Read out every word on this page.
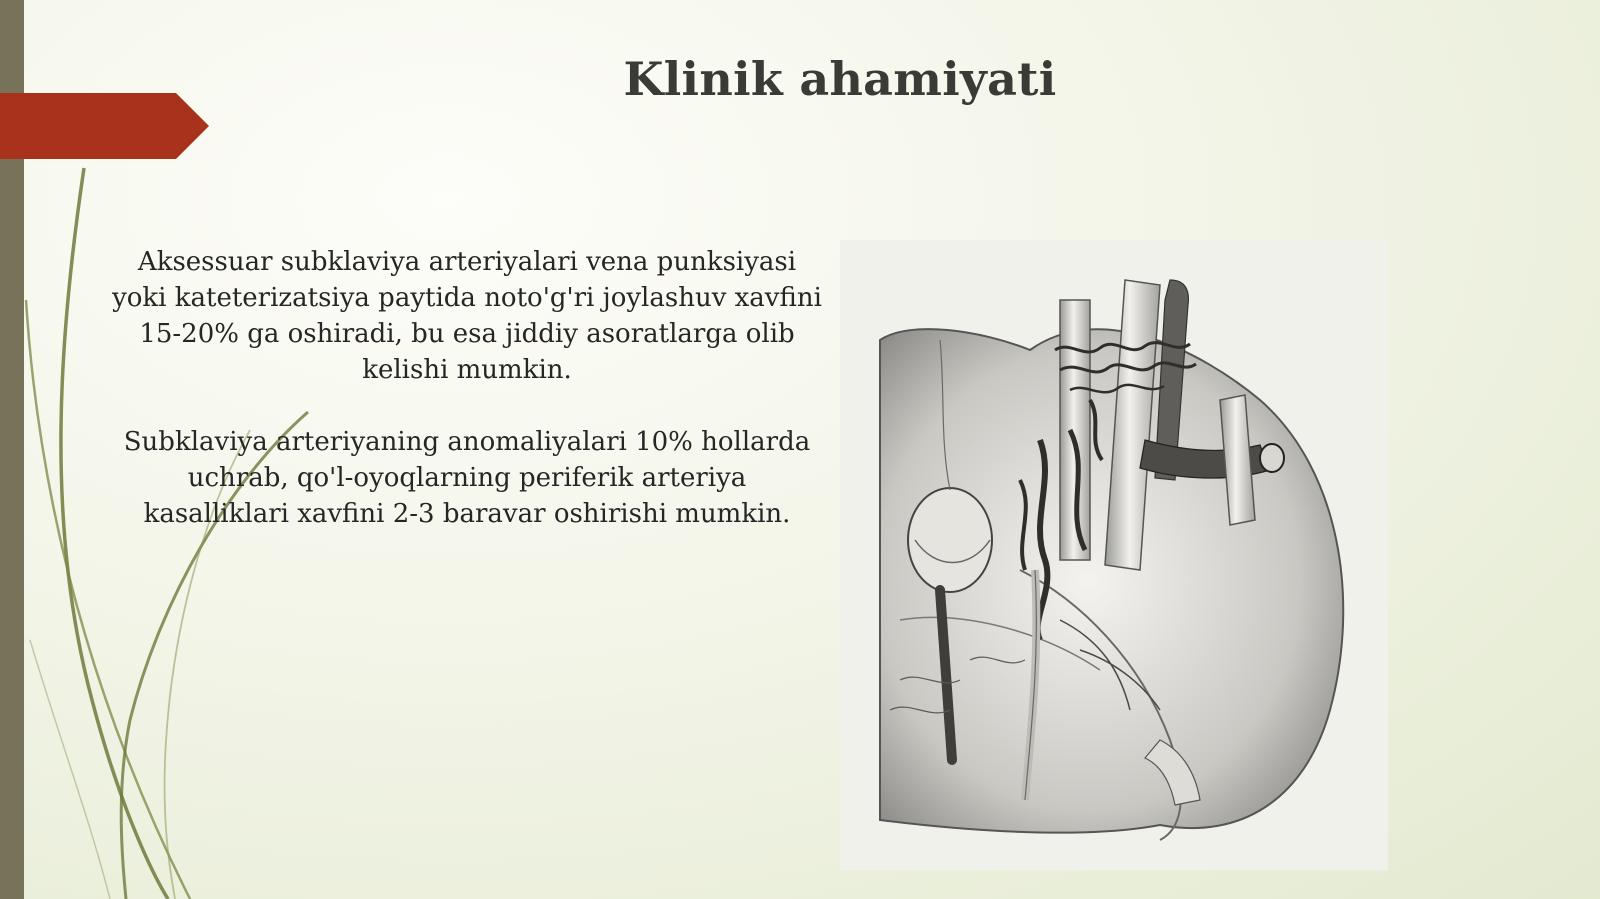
Klinik ahamiyati

Aksessuar subklaviya arteriyalari vena punksiyasi yoki kateterizatsiya paytida noto'g'ri joylashuv xavfini 15-20% ga oshiradi, bu esa jiddiy asoratlarga olib kelishi mumkin.

Subklaviya arteriyaning anomaliyalari 10% hollarda uchrab, qo'l-oyoqlarning periferik arteriya kasalliklari xavfini 2-3 baravar oshirishi mumkin.
